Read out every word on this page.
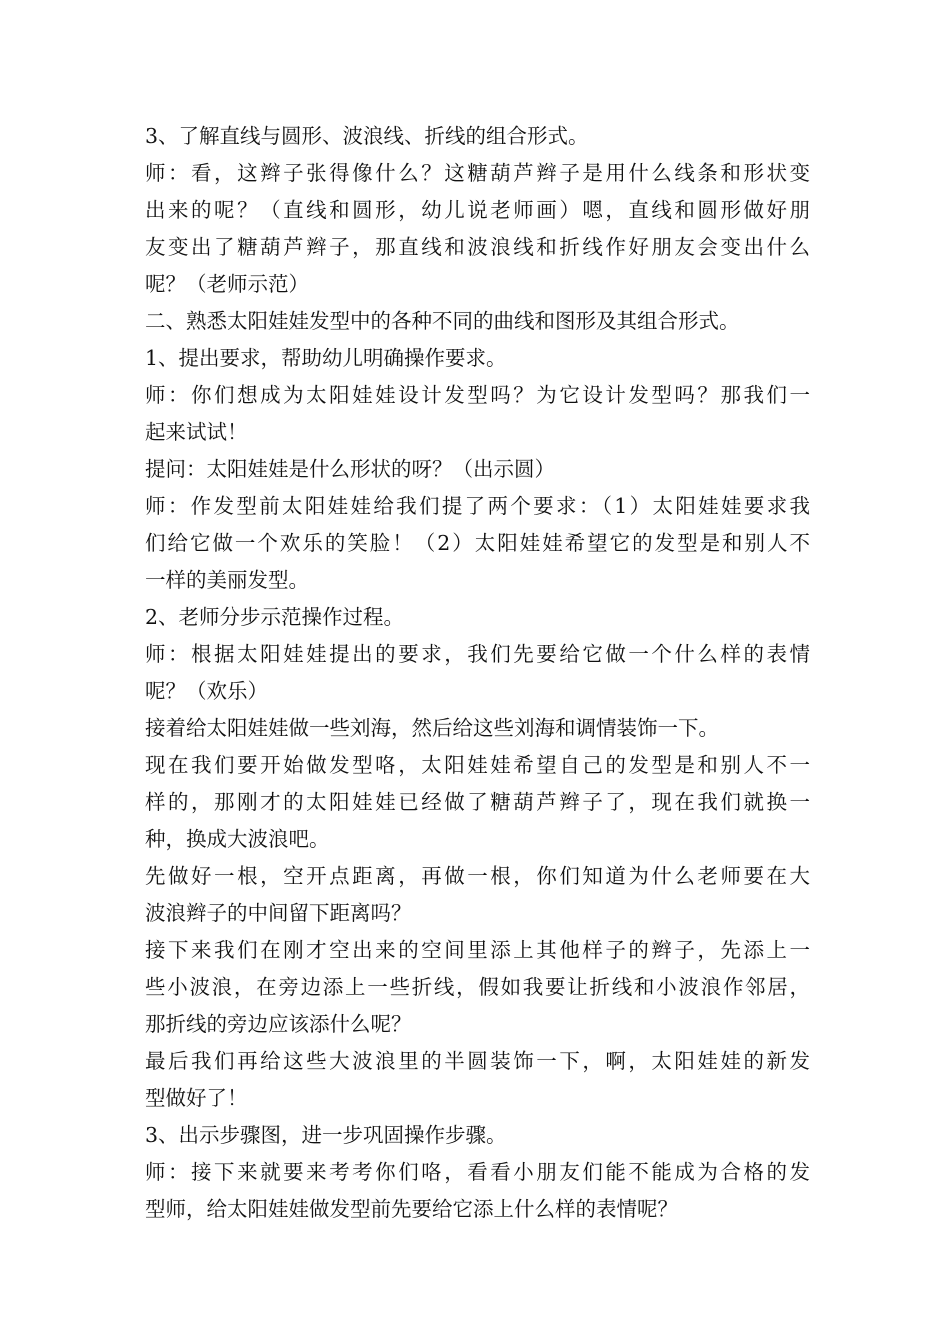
3、了解直线与圆形、波浪线、折线的组合形式。
师：看，这辫子张得像什么？这糖葫芦辫子是用什么线条和形状变
出来的呢？（直线和圆形，幼儿说老师画）嗯，直线和圆形做好朋
友变出了糖葫芦辫子，那直线和波浪线和折线作好朋友会变出什么
呢？（老师示范）
二、熟悉太阳娃娃发型中的各种不同的曲线和图形及其组合形式。
1、提出要求，帮助幼儿明确操作要求。
师：你们想成为太阳娃娃设计发型吗？为它设计发型吗？那我们一
起来试试！
提问：太阳娃娃是什么形状的呀？（出示圆）
师：作发型前太阳娃娃给我们提了两个要求：（1）太阳娃娃要求我
们给它做一个欢乐的笑脸！（2）太阳娃娃希望它的发型是和别人不
一样的美丽发型。
2、老师分步示范操作过程。
师：根据太阳娃娃提出的要求，我们先要给它做一个什么样的表情
呢？（欢乐）
接着给太阳娃娃做一些刘海，然后给这些刘海和调情装饰一下。
现在我们要开始做发型咯，太阳娃娃希望自己的发型是和别人不一
样的，那刚才的太阳娃娃已经做了糖葫芦辫子了，现在我们就换一
种，换成大波浪吧。
先做好一根，空开点距离，再做一根，你们知道为什么老师要在大
波浪辫子的中间留下距离吗？
接下来我们在刚才空出来的空间里添上其他样子的辫子，先添上一
些小波浪，在旁边添上一些折线，假如我要让折线和小波浪作邻居，
那折线的旁边应该添什么呢？
最后我们再给这些大波浪里的半圆装饰一下，啊，太阳娃娃的新发
型做好了！
3、出示步骤图，进一步巩固操作步骤。
师：接下来就要来考考你们咯，看看小朋友们能不能成为合格的发
型师，给太阳娃娃做发型前先要给它添上什么样的表情呢？
